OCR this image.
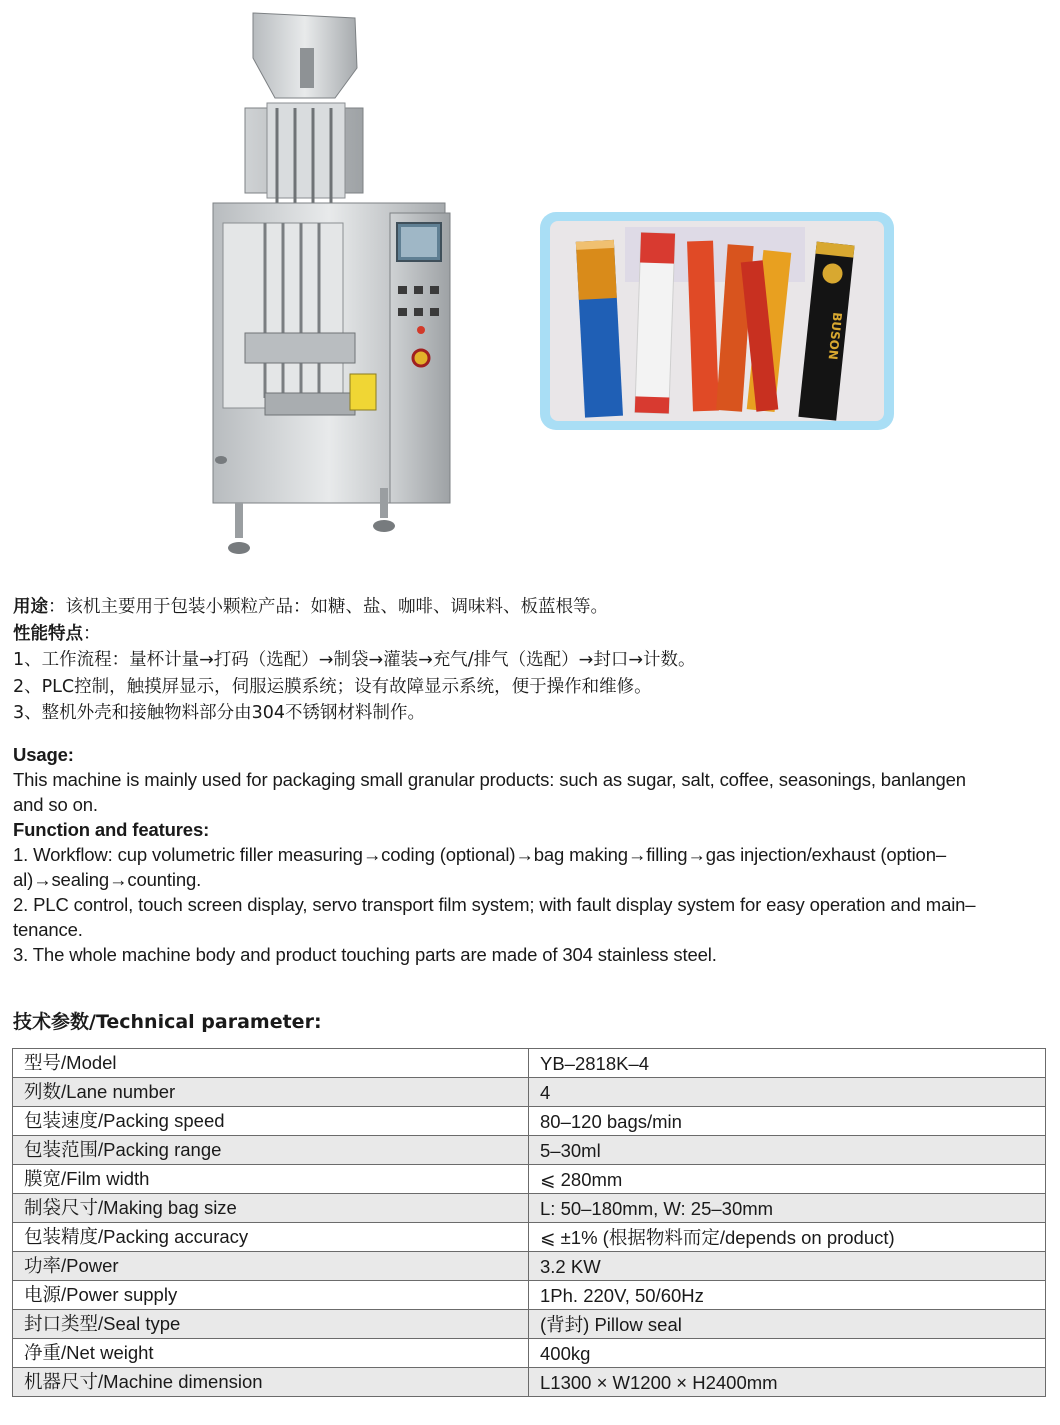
BUSON
用途：该机主要用于包装小颗粒产品：如糖、盐、咖啡、调味料、板蓝根等。
性能特点：
1、工作流程：量杯计量→打码（选配）→制袋→灌装→充气/排气（选配）→封口→计数。
2、PLC控制，触摸屏显示，伺服运膜系统；设有故障显示系统，便于操作和维修。
3、整机外壳和接触物料部分由304不锈钢材料制作。
Usage:
This machine is mainly used for packaging small granular products: such as sugar, salt, coffee, seasonings, banlangen
and so on.
Function and features:
1. Workflow: cup volumetric filler measuring→coding (optional)→bag making→filling→gas injection/exhaust (option–
al)→sealing→counting.
2. PLC control, touch screen display, servo transport film system; with fault display system for easy operation and main–
tenance.
3. The whole machine body and product touching parts are made of 304 stainless steel.
技术参数/Technical parameter:
型号/Model	YB–2818K–4
列数/Lane number	4
包装速度/Packing speed	80–120 bags/min
包装范围/Packing range	5–30ml
膜宽/Film width	⩽ 280mm
制袋尺寸/Making bag size	L: 50–180mm, W: 25–30mm
包装精度/Packing accuracy	⩽ ±1% (根据物料而定/depends on product)
功率/Power	3.2 KW
电源/Power supply	1Ph. 220V, 50/60Hz
封口类型/Seal type	(背封) Pillow seal
净重/Net weight	400kg
机器尺寸/Machine dimension	L1300 × W1200 × H2400mm
